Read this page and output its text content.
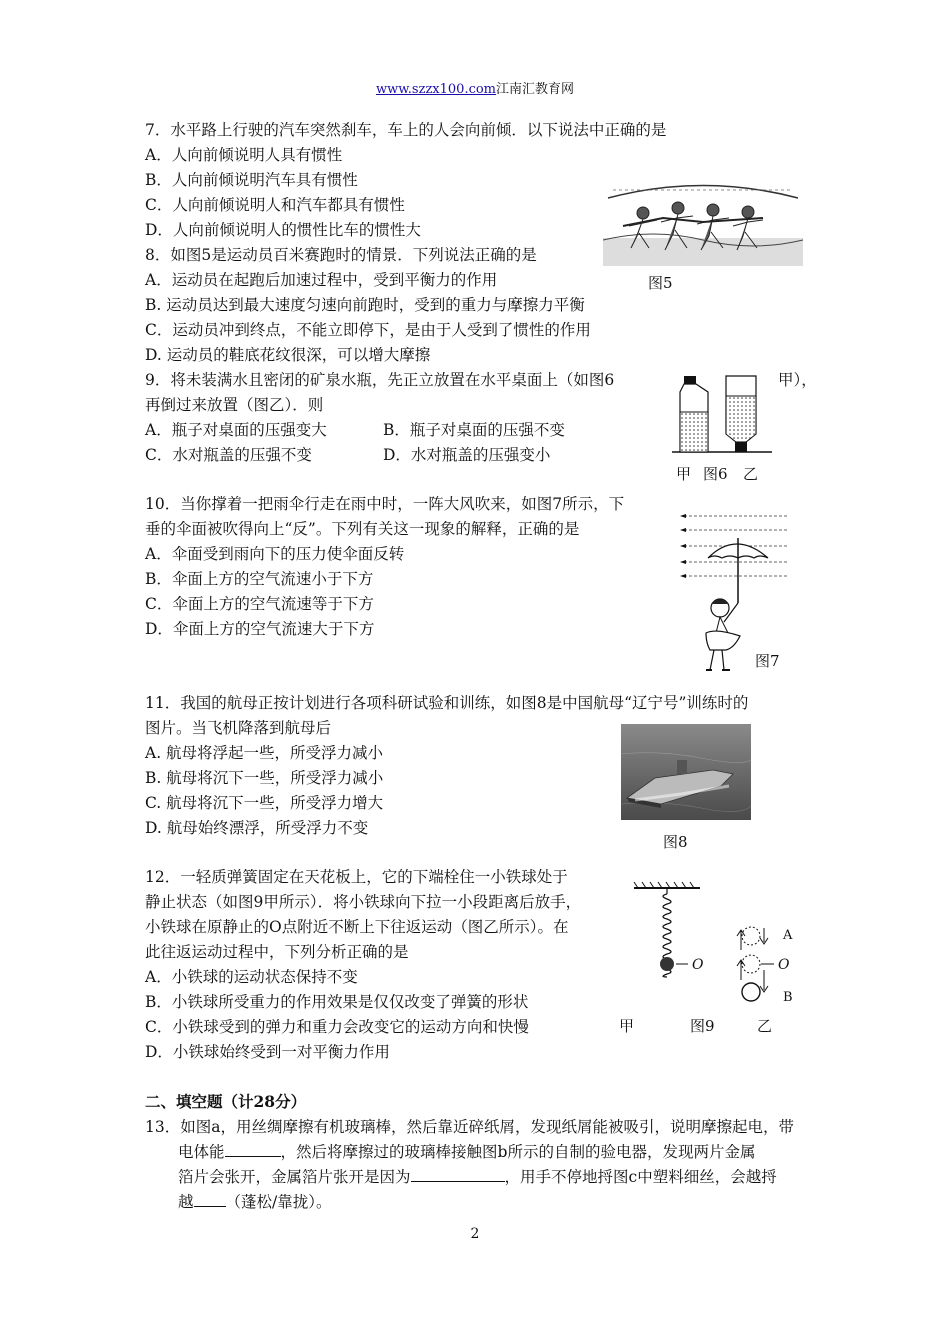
www.szzx100.com江南汇教育网
7．水平路上行驶的汽车突然刹车，车上的人会向前倾．以下说法中正确的是
A．人向前倾说明人具有惯性
B．人向前倾说明汽车具有惯性
C．人向前倾说明人和汽车都具有惯性
D．人向前倾说明人的惯性比车的惯性大
8．如图5是运动员百米赛跑时的情景．下列说法正确的是
A．运动员在起跑后加速过程中，受到平衡力的作用
B. 运动员达到最大速度匀速向前跑时，受到的重力与摩擦力平衡
C．运动员冲到终点，不能立即停下，是由于人受到了惯性的作用
D. 运动员的鞋底花纹很深，可以增大摩擦
图5
9．将未装满水且密闭的矿泉水瓶，先正立放置在水平桌面上（如图6	甲），
再倒过来放置（图乙）．则
A．瓶子对桌面的压强变大	B．瓶子对桌面的压强不变
C．水对瓶盖的压强不变	D．水对瓶盖的压强变小
甲 图6 乙
10．当你撑着一把雨伞行走在雨中时，一阵大风吹来，如图7所示，下
垂的伞面被吹得向上“反”。下列有关这一现象的解释，正确的是
A．伞面受到雨向下的压力使伞面反转
B．伞面上方的空气流速小于下方
C．伞面上方的空气流速等于下方
D．伞面上方的空气流速大于下方
图7
11．我国的航母正按计划进行各项科研试验和训练，如图8是中国航母“辽宁号”训练时的
图片。当飞机降落到航母后
A. 航母将浮起一些，所受浮力减小
B. 航母将沉下一些，所受浮力减小
C. 航母将沉下一些，所受浮力增大
D. 航母始终漂浮，所受浮力不变
图8
12．一轻质弹簧固定在天花板上，它的下端栓住一小铁球处于
静止状态（如图9甲所示）．将小铁球向下拉一小段距离后放手，
小铁球在原静止的O点附近不断上下往返运动（图乙所示）。在
此往返运动过程中，下列分析正确的是
A．小铁球的运动状态保持不变
B．小铁球所受重力的作用效果是仅仅改变了弹簧的形状
C．小铁球受到的弹力和重力会改变它的运动方向和快慢
D．小铁球始终受到一对平衡力作用
O
A
O
B
甲	图9	乙
二、填空题（计28分）
13．如图a，用丝绸摩擦有机玻璃棒，然后靠近碎纸屑，发现纸屑能被吸引，说明摩擦起电，带
电体能	，然后将摩擦过的玻璃棒接触图b所示的自制的验电器，发现两片金属
箔片会张开，金属箔片张开是因为	，用手不停地捋图c中塑料细丝，会越捋
越 （蓬松/靠拢）。
2
